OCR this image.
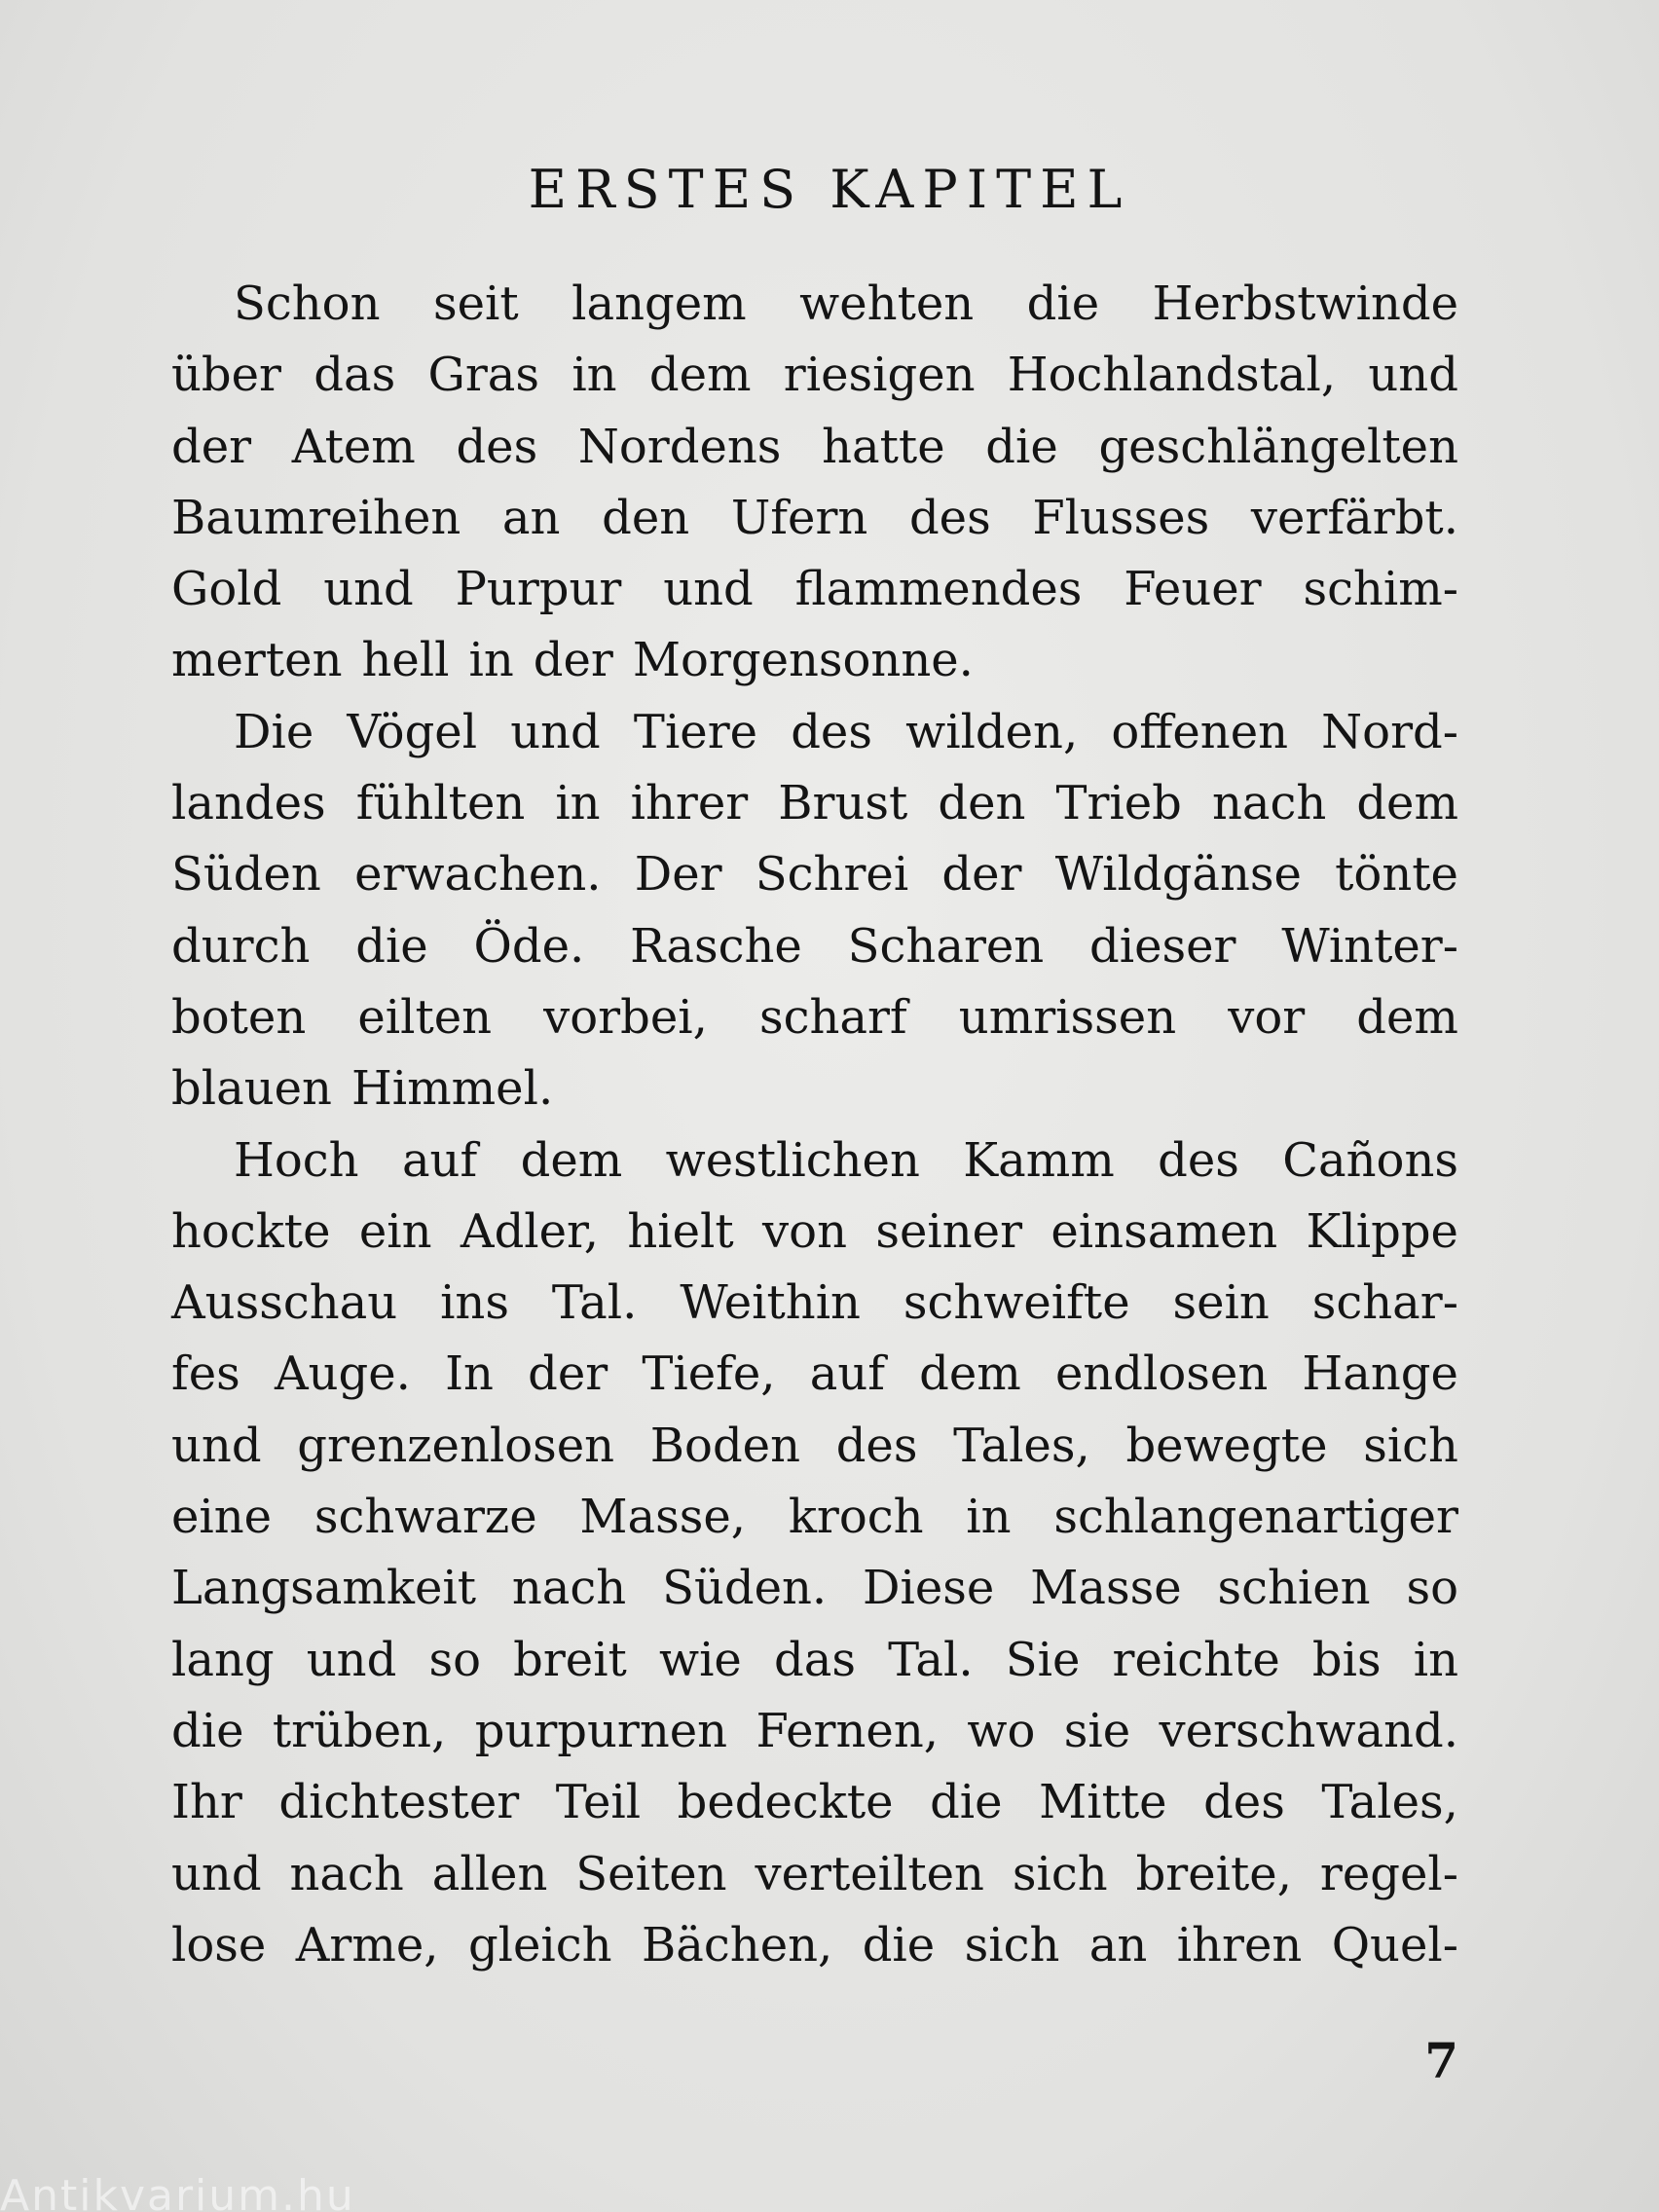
ERSTES KAPITEL
Schon seit langem wehten die Herbstwinde
über das Gras in dem riesigen Hochlandstal, und
der Atem des Nordens hatte die geschlängelten
Baumreihen an den Ufern des Flusses verfärbt.
Gold und Purpur und flammendes Feuer schim-
merten hell in der Morgensonne.
Die Vögel und Tiere des wilden, offenen Nord-
landes fühlten in ihrer Brust den Trieb nach dem
Süden erwachen. Der Schrei der Wildgänse tönte
durch die Öde. Rasche Scharen dieser Winter-
boten eilten vorbei, scharf umrissen vor dem
blauen Himmel.
Hoch auf dem westlichen Kamm des Cañons
hockte ein Adler, hielt von seiner einsamen Klippe
Ausschau ins Tal. Weithin schweifte sein schar-
fes Auge. In der Tiefe, auf dem endlosen Hange
und grenzenlosen Boden des Tales, bewegte sich
eine schwarze Masse, kroch in schlangenartiger
Langsamkeit nach Süden. Diese Masse schien so
lang und so breit wie das Tal. Sie reichte bis in
die trüben, purpurnen Fernen, wo sie verschwand.
Ihr dichtester Teil bedeckte die Mitte des Tales,
und nach allen Seiten verteilten sich breite, regel-
lose Arme, gleich Bächen, die sich an ihren Quel-
7
Antikvarium.hu
